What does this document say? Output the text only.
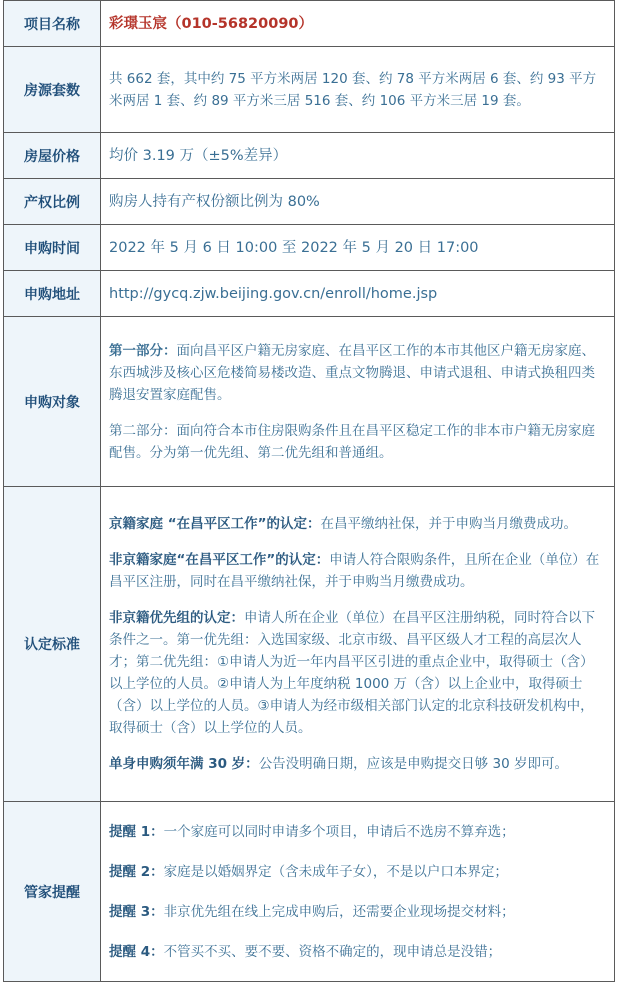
项目名称	彩璟玉宸（010-56820090）
房源套数	共 662 套，其中约 75 平方米两居 120 套、约 78 平方米两居 6 套、约 93 平方米两居 1 套、约 89 平方米三居 516 套、约 106 平方米三居 19 套。
房屋价格	均价 3.19 万（±5%差异）
产权比例	购房人持有产权份额比例为 80%
申购时间	2022 年 5 月 6 日 10:00 至 2022 年 5 月 20 日 17:00
申购地址	http://gycq.zjw.beijing.gov.cn/enroll/home.jsp
申购对象	第一部分：面向昌平区户籍无房家庭、在昌平区工作的本市其他区户籍无房家庭、东西城涉及核心区危楼简易楼改造、重点文物腾退、申请式退租、申请式换租四类腾退安置家庭配售。

第二部分：面向符合本市住房限购条件且在昌平区稳定工作的非本市户籍无房家庭配售。分为第一优先组、第二优先组和普通组。

认定标准	京籍家庭 “在昌平区工作”的认定：在昌平缴纳社保，并于申购当月缴费成功。

非京籍家庭“在昌平区工作”的认定：申请人符合限购条件，且所在企业（单位）在昌平区注册，同时在昌平缴纳社保，并于申购当月缴费成功。

非京籍优先组的认定：申请人所在企业（单位）在昌平区注册纳税，同时符合以下条件之一。第一优先组：入选国家级、北京市级、昌平区级人才工程的高层次人才；第二优先组：①申请人为近一年内昌平区引进的重点企业中，取得硕士（含）以上学位的人员。②申请人为上年度纳税 1000 万（含）以上企业中，取得硕士（含）以上学位的人员。③申请人为经市级相关部门认定的北京科技研发机构中，取得硕士（含）以上学位的人员。

单身申购须年满 30 岁：公告没明确日期，应该是申购提交日够 30 岁即可。

管家提醒	提醒 1：一个家庭可以同时申请多个项目，申请后不选房不算弃选；
提醒 2：家庭是以婚姻界定（含未成年子女），不是以户口本界定；
提醒 3：非京优先组在线上完成申购后，还需要企业现场提交材料；
提醒 4：不管买不买、要不要、资格不确定的，现申请总是没错；
